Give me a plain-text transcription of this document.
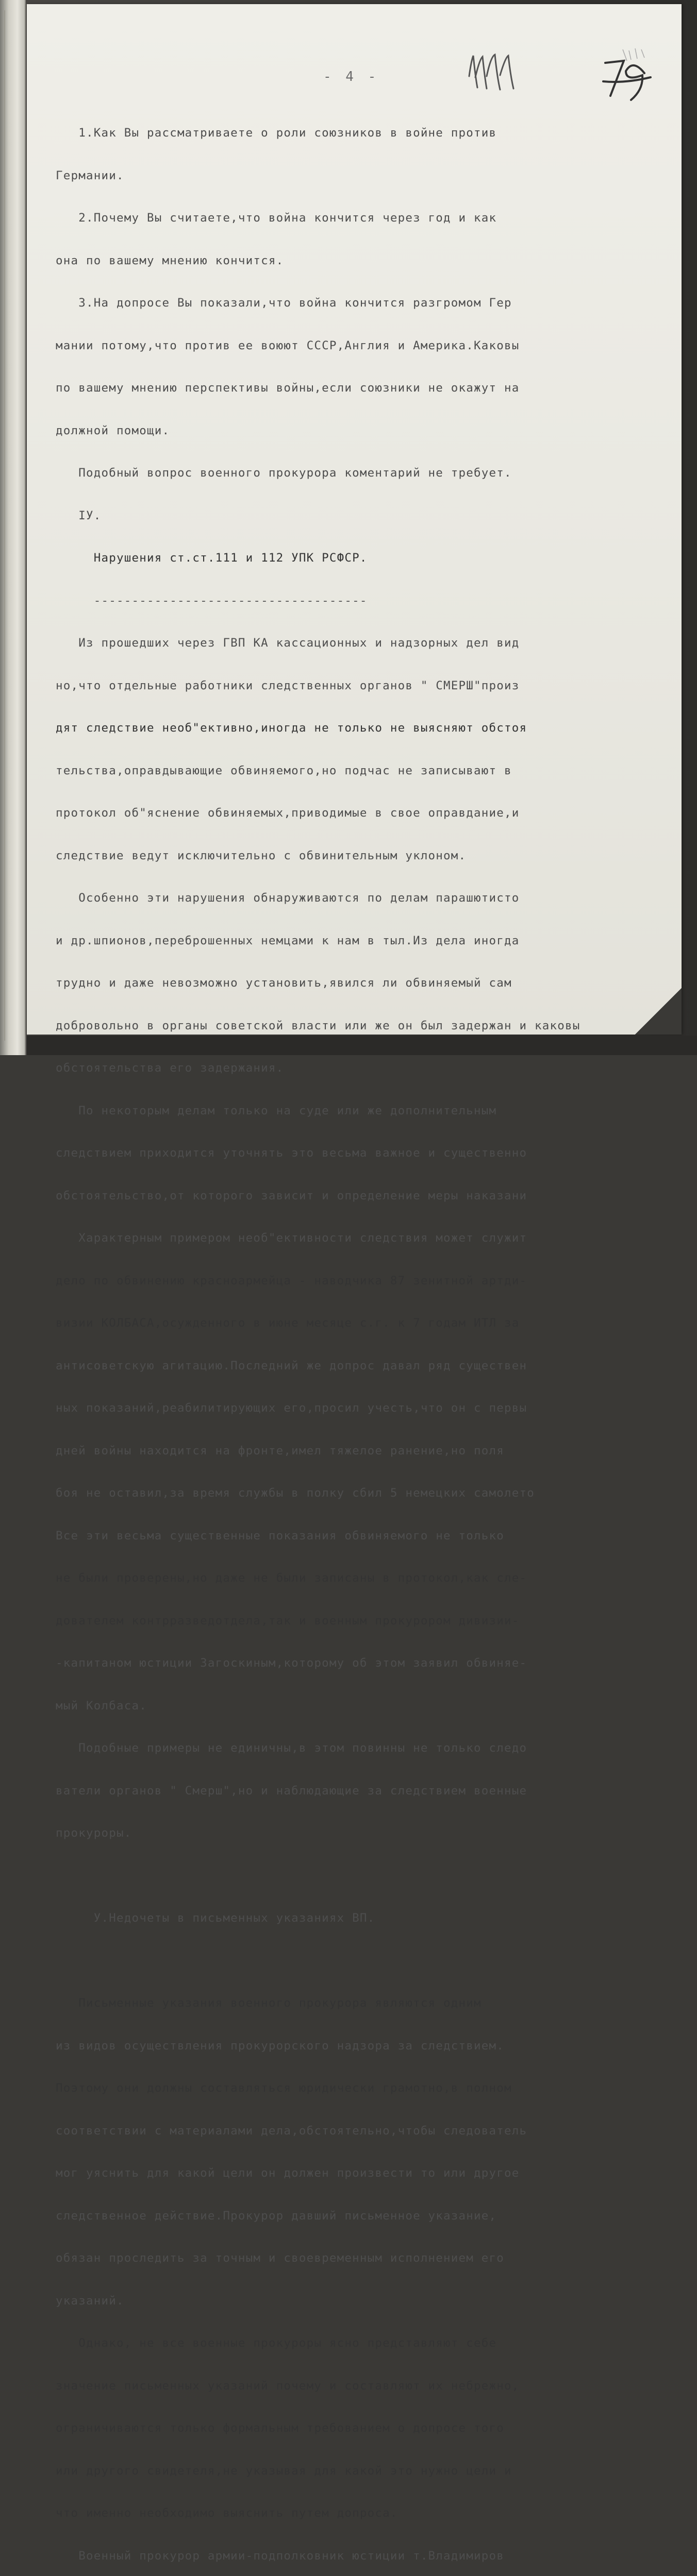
- 4 -

1.Как Вы рассматриваете о роли союзников в войне против

Германии.

2.Почему Вы считаете,что война кончится через год и как

она по вашему мнению кончится.

3.На допросе Вы показали,что война кончится разгромом Гер

мании потому,что против ее воюют СССР,Англия и Америка.Каковы

по вашему мнению перспективы войны,если союзники не окажут на

должной помощи.

Подобный вопрос военного прокурора коментарий не требует.

IУ.

Нарушения ст.ст.111 и 112 УПК РСФСР.

------------------------------------

Из прошедших через ГВП КА кассационных и надзорных дел вид

но,что отдельные работники следственных органов " СМЕРШ"произ

дят следствие необ"ективно,иногда не только не выясняют обстоя

тельства,оправдывающие обвиняемого,но подчас не записывают в

протокол об"яснение обвиняемых,приводимые в свое оправдание,и

следствие ведут исключительно с обвинительным уклоном.

Особенно эти нарушения обнаруживаются по делам парашютисто

и др.шпионов,переброшенных немцами к нам в тыл.Из дела иногда

трудно и даже невозможно установить,явился ли обвиняемый сам

добровольно в органы советской власти или же он был задержан и каковы

обстоятельства его задержания.

По некоторым делам только на суде или же дополнительным

следствием приходится уточнять это весьма важное и существенно

обстоятельство,от которого зависит и определение меры наказани

Характерным примером необ"ективности следствия может служит

дело по обвинению красноармейца - наводчика 87 зенитной артди-

визии КОЛБАСА,осужденного в июне месяце с.г. к 7 годам ИТЛ за

антисоветскую агитацию.Последний же допрос давал ряд существен

ных показаний,реабилитирующих его,просил учесть,что он с первы

дней войны находится на фронте,имел тяжелое ранение,но поля

боя не оставил,за время службы в полку сбил 5 немецких самолето

Все эти весьма существенные показания обвиняемого не только

не были проверены,но даже не были записаны в протокол,как сле-

дователем контрразведотдела,так и военным прокурором дивизии-

-капитаном юстиции Загоскиным,которому об этом заявил обвиняе-

мый Колбаса.

Подобные примеры не единичны,в этом повинны не только следо

ватели органов " Смерш",но и наблюдающие за следствием военные

прокуроры.

У.Недочеты в письменных указаниях ВП.

Письменные указания военного прокурора являются одним

из видов осуществления прокурорского надзора за следствием.

Поэтому они должны составляться юридически грамотно,в полном

соответствии с материалами дела,обстоятельно,чтобы следователь

мог уяснить для какой цели он должен произвести то или другое

следственное действие.Прокурор давший письменное указание,

обязан проследить за точным и своевременным исполнением его

указаний.

Однако, не все военные прокуроры ясно представляют себе

значение письменных указаний почему и составляют их небрежно,

ограничиваются только формальным требованием о допросе того

или другого свидетеля,не указывая для какой это нужно цели и

что именно необходимо выяснить путем допроса.

Военный прокурор армии-подполковник юстиции т.Владимиров
